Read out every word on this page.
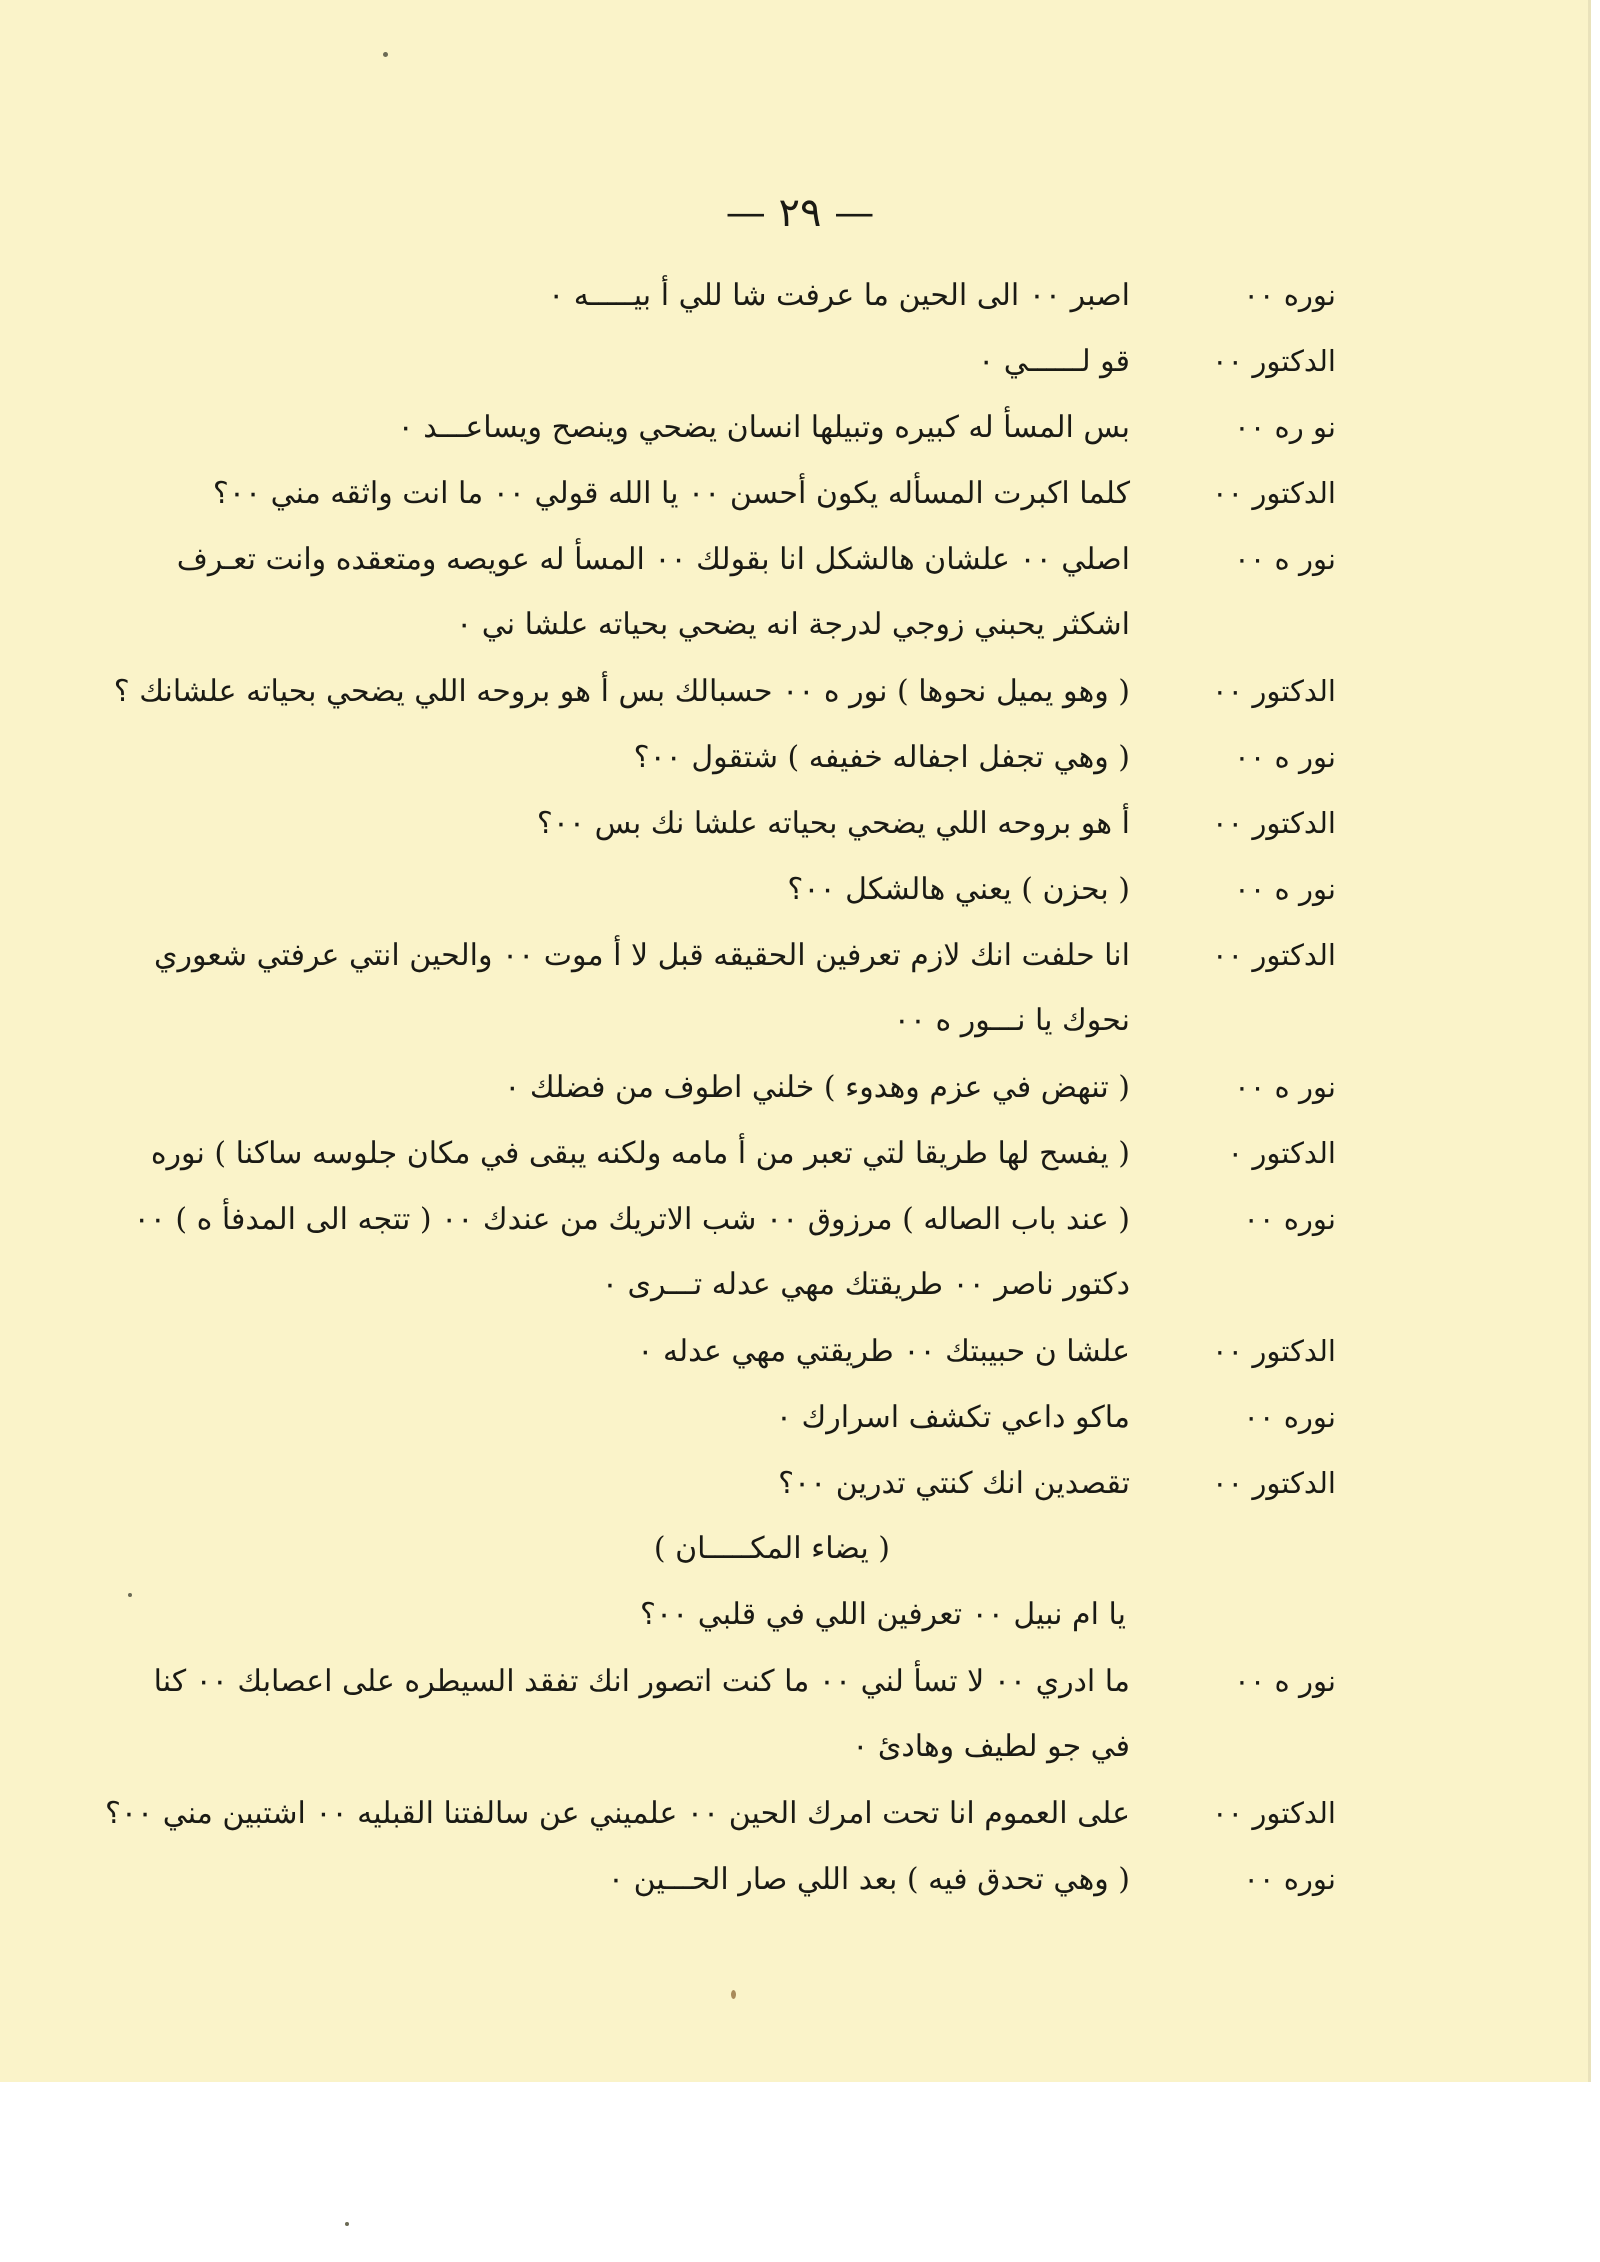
— ٢٩ —
نوره ٠٠
اصبر ٠٠ الى الحين ما عرفت شا للي أ بيـــــه ٠
الدكتور ٠٠
قو لــــــي ٠
نو ره ٠٠
بس المسأ له كبيره وتبيلها انسان يضحي وينصح ويساعـــد ٠
الدكتور ٠٠
كلما اكبرت المسأله يكون أحسن ٠٠ يا الله قولي ٠٠ ما انت واثقه مني ٠٠؟
نور ه ٠٠
اصلي ٠٠ علشان هالشكل انا بقولك ٠٠ المسأ له عويصه ومتعقده وانت تعـرف
اشكثر يحبني زوجي لدرجة انه يضحي بحياته علشا ني ٠
الدكتور ٠٠
( وهو يميل نحوها ) نور ه ٠٠ حسبالك بس أ هو بروحه اللي يضحي بحياته علشانك ؟
نور ه ٠٠
( وهي تجفل اجفاله خفيفه ) شتقول ٠٠؟
الدكتور ٠٠
أ هو بروحه اللي يضحي بحياته علشا نك بس ٠٠؟
نور ه ٠٠
( بحزن ) يعني هالشكل ٠٠؟
الدكتور ٠٠
انا حلفت انك لازم تعرفين الحقيقه قبل لا أ موت ٠٠ والحين انتي عرفتي شعوري
نحوك يا نـــور ه ٠٠
نور ه ٠٠
( تنهض في عزم وهدوء ) خلني اطوف من فضلك ٠
الدكتور ٠
( يفسح لها طريقا لتي تعبر من أ مامه ولكنه يبقى في مكان جلوسه ساكنا ) نوره
نوره ٠٠
( عند باب الصاله ) مرزوق ٠٠ شب الاتريك من عندك ٠٠ ( تتجه الى المدفأ ه ) ٠٠
دكتور ناصر ٠٠ طريقتك مهي عدله تـــرى ٠
الدكتور ٠٠
علشا ن حبيبتك ٠٠ طريقتي مهي عدله ٠
نوره ٠٠
ماكو داعي تكشف اسرارك ٠
الدكتور ٠٠
تقصدين انك كنتي تدرين ٠٠؟
( يضاء المكـــــان )
يا ام نبيل ٠٠ تعرفين اللي في قلبي ٠٠؟
نور ه ٠٠
ما ادري ٠٠ لا تسأ لني ٠٠ ما كنت اتصور انك تفقد السيطره على اعصابك ٠٠ كنا
في جو لطيف وهادئ ٠
الدكتور ٠٠
على العموم انا تحت امرك الحين ٠٠ علميني عن سالفتنا القبليه ٠٠ اشتبين مني ٠٠؟
نوره ٠٠
( وهي تحدق فيه ) بعد اللي صار الحـــين ٠
